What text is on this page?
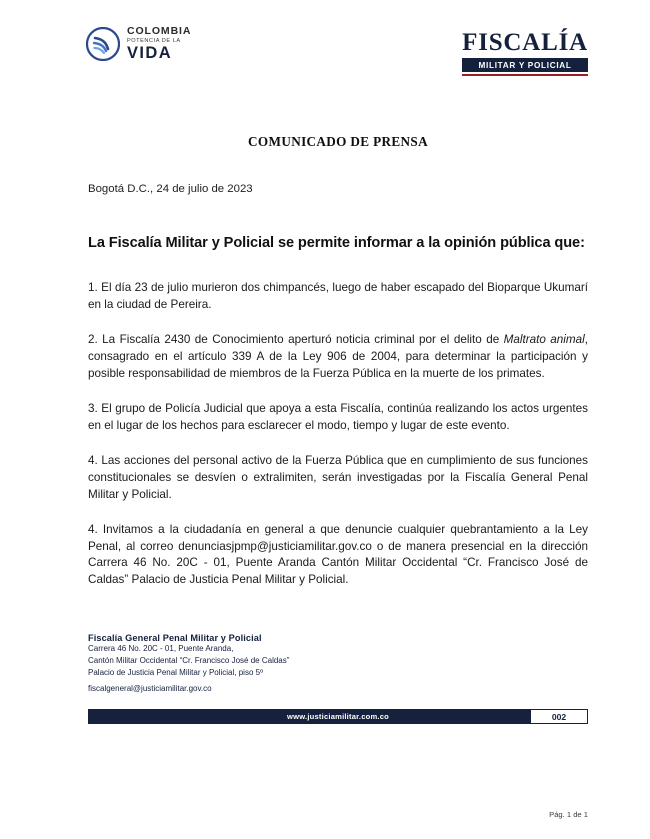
COLOMBIA
POTENCIA DE LA
VIDA	FISCALÍA
MILITAR Y POLICIAL
COMUNICADO DE PRENSA
Bogotá D.C., 24 de julio de 2023
La Fiscalía Militar y Policial se permite informar a la opinión pública que:

1. El día 23 de julio murieron dos chimpancés, luego de haber escapado del Bioparque Ukumarí en la ciudad de Pereira.

2. La Fiscalía 2430 de Conocimiento aperturó noticia criminal por el delito de Maltrato animal, consagrado en el artículo 339 A de la Ley 906 de 2004, para determinar la participación y posible responsabilidad de miembros de la Fuerza Pública en la muerte de los primates.

3. El grupo de Policía Judicial que apoya a esta Fiscalía, continúa realizando los actos urgentes en el lugar de los hechos para esclarecer el modo, tiempo y lugar de este evento.

4. Las acciones del personal activo de la Fuerza Pública que en cumplimiento de sus funciones constitucionales se desvíen o extralimiten, serán investigadas por la Fiscalía General Penal Militar y Policial.

4. Invitamos a la ciudadanía en general a que denuncie cualquier quebrantamiento a la Ley Penal, al correo denunciasjpmp@justiciamilitar.gov.co o de manera presencial en la dirección Carrera 46 No. 20C - 01, Puente Aranda Cantón Militar Occidental “Cr. Francisco José de Caldas” Palacio de Justicia Penal Militar y Policial.

Fiscalía General Penal Militar y Policial
Carrera 46 No. 20C - 01, Puente Aranda,
Cantón Militar Occidental “Cr. Francisco José de Caldas”
Palacio de Justicia Penal Militar y Policial, piso 5º
fiscalgeneral@justiciamilitar.gov.co
www.justiciamilitar.com.co	002
Pág. 1 de 1
